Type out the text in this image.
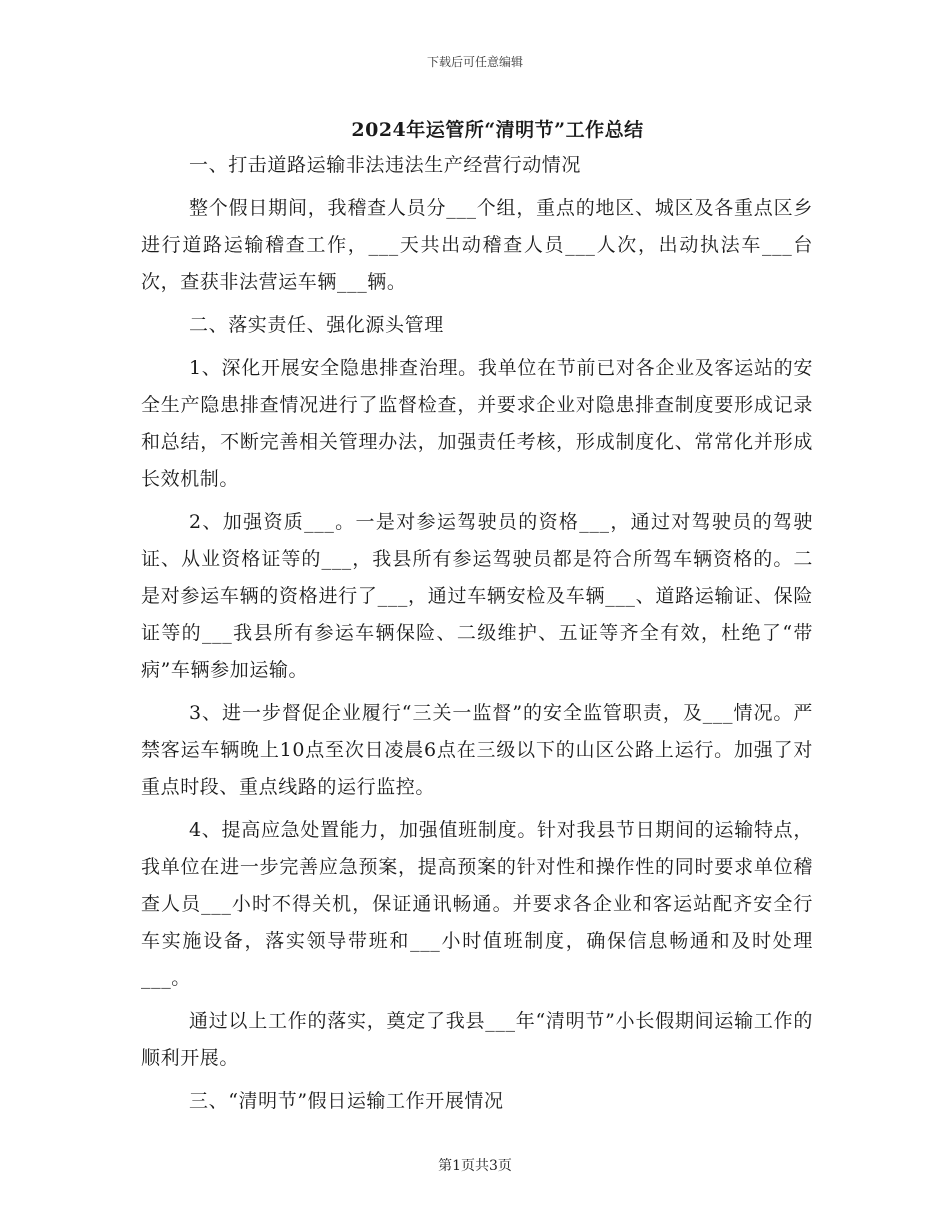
下载后可任意编辑
2024年运管所“清明节”工作总结

一、打击道路运输非法违法生产经营行动情况

整个假日期间，我稽查人员分___个组，重点的地区、城区及各重点区乡进行道路运输稽查工作，___天共出动稽查人员___人次，出动执法车___台次，查获非法营运车辆___辆。

二、落实责任、强化源头管理

1、深化开展安全隐患排查治理。我单位在节前已对各企业及客运站的安全生产隐患排查情况进行了监督检查，并要求企业对隐患排查制度要形成记录和总结，不断完善相关管理办法，加强责任考核，形成制度化、常常化并形成长效机制。

2、加强资质___。一是对参运驾驶员的资格___，通过对驾驶员的驾驶证、从业资格证等的___，我县所有参运驾驶员都是符合所驾车辆资格的。二是对参运车辆的资格进行了___，通过车辆安检及车辆___、道路运输证、保险证等的___我县所有参运车辆保险、二级维护、五证等齐全有效，杜绝了“带病”车辆参加运输。

3、进一步督促企业履行“三关一监督”的安全监管职责，及___情况。严禁客运车辆晚上10点至次日凌晨6点在三级以下的山区公路上运行。加强了对重点时段、重点线路的运行监控。

4、提高应急处置能力，加强值班制度。针对我县节日期间的运输特点，我单位在进一步完善应急预案，提高预案的针对性和操作性的同时要求单位稽查人员___小时不得关机，保证通讯畅通。并要求各企业和客运站配齐安全行车实施设备，落实领导带班和___小时值班制度，确保信息畅通和及时处理___。

通过以上工作的落实，奠定了我县___年“清明节”小长假期间运输工作的顺利开展。

三、“清明节”假日运输工作开展情况

第1页共3页
